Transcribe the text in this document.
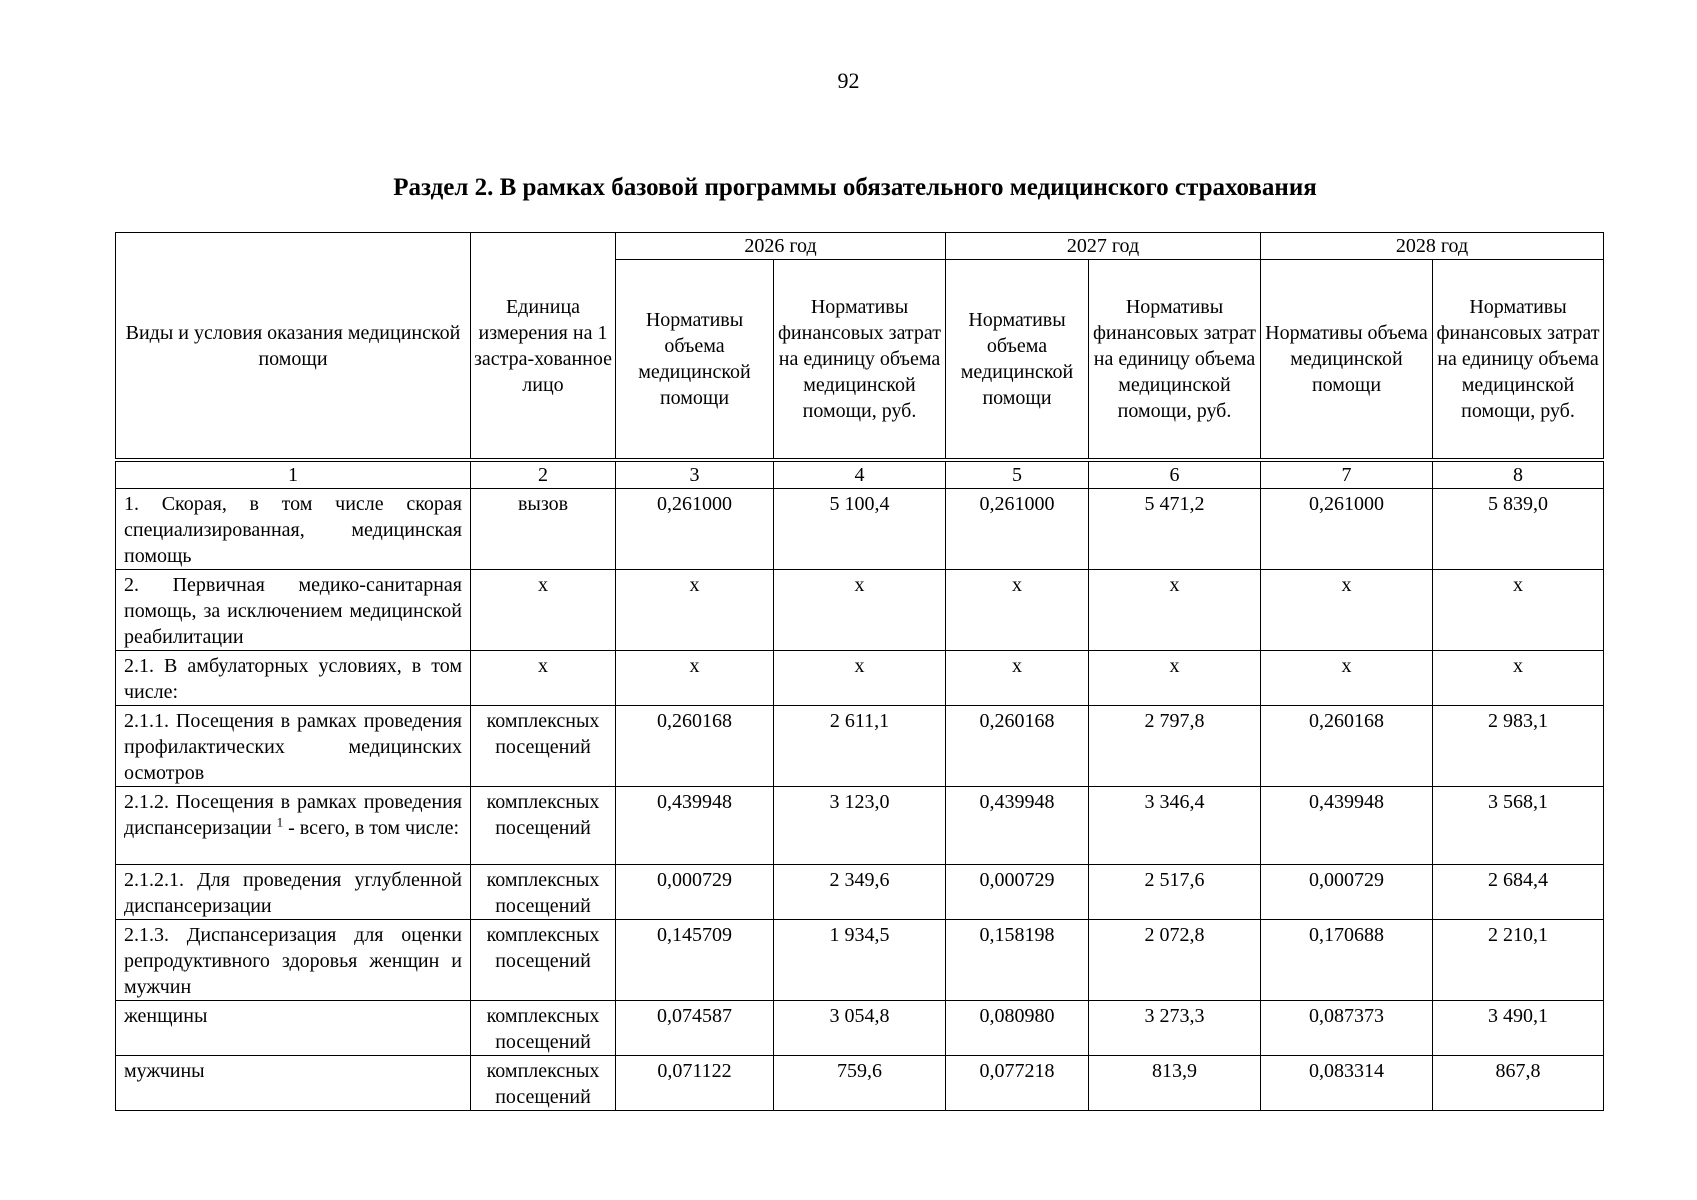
92
Раздел 2. В рамках базовой программы обязательного медицинского страхования
Виды и условия оказания медицинской помощи	Единица измерения на 1 застра-хованное лицо	2026 год		2027 год		2028 год	
		Нормативы объема медицинской помощи	Нормативы финансовых затрат на единицу объема медицинской помощи, руб.	Нормативы объема медицинской помощи	Нормативы финансовых затрат на единицу объема медицинской помощи, руб.	Нормативы объема медицинской помощи	Нормативы финансовых затрат на единицу объема медицинской помощи, руб.
1	2	3	4	5	6	7	8
1. Скорая, в том числе скорая специализированная, медицинская помощь	вызов	0,261000	5 100,4	0,261000	5 471,2	0,261000	5 839,0
2. Первичная медико-санитарная помощь, за исключением медицинской реабилитации	х	х	х	х	х	х	х
2.1. В амбулаторных условиях, в том числе:	х	х	х	х	х	х	х
2.1.1. Посещения в рамках проведения профилактических медицинских осмотров	комплексных посещений	0,260168	2 611,1	0,260168	2 797,8	0,260168	2 983,1
2.1.2. Посещения в рамках проведения диспансеризации $^1$ - всего, в том числе:	комплексных посещений	0,439948	3 123,0	0,439948	3 346,4	0,439948	3 568,1
2.1.2.1. Для проведения углубленной диспансеризации	комплексных посещений	0,000729	2 349,6	0,000729	2 517,6	0,000729	2 684,4
2.1.3. Диспансеризация для оценки репродуктивного здоровья женщин и мужчин	комплексных посещений	0,145709	1 934,5	0,158198	2 072,8	0,170688	2 210,1
женщины	комплексных посещений	0,074587	3 054,8	0,080980	3 273,3	0,087373	3 490,1
мужчины	комплексных посещений	0,071122	759,6	0,077218	813,9	0,083314	867,8
